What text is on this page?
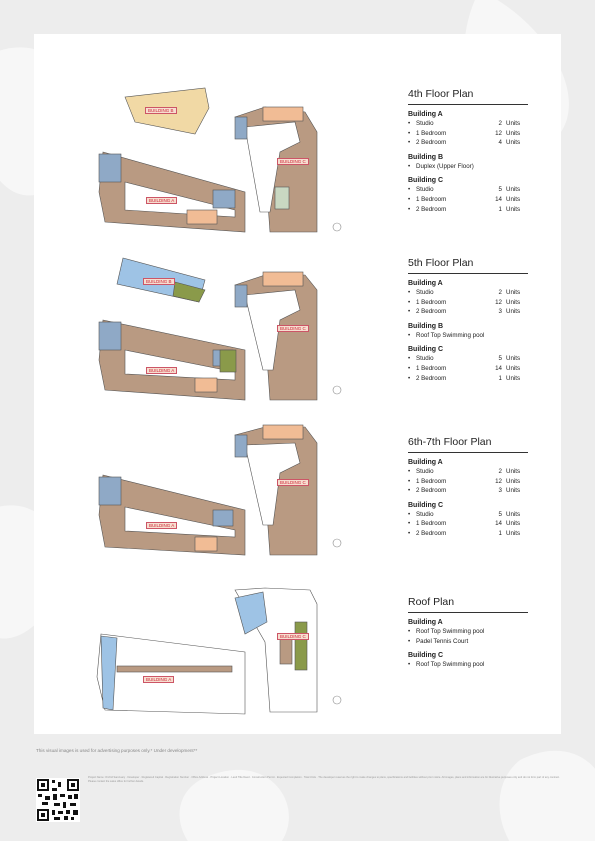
BUILDING B
BUILDING A
BUILDING C
BUILDING B
BUILDING A
BUILDING C
BUILDING A
BUILDING C
BUILDING A
BUILDING C
4th Floor Plan
Building A
• Studio	2 Units
• 1 Bedroom	12 Units
• 2 Bedroom	4 Units
Building B
• Duplex (Upper Floor)
Building C
• Studio	5 Units
• 1 Bedroom	14 Units
• 2 Bedroom	1 Units
5th Floor Plan
Building A
• Studio	2 Units
• 1 Bedroom	12 Units
• 2 Bedroom	3 Units
Building B
• Roof Top Swimming pool
Building C
• Studio	5 Units
• 1 Bedroom	14 Units
• 2 Bedroom	1 Units
6th-7th Floor Plan
Building A
• Studio	2 Units
• 1 Bedroom	12 Units
• 2 Bedroom	3 Units
Building C
• Studio	5 Units
• 1 Bedroom	14 Units
• 2 Bedroom	1 Units
Roof Plan
Building A
• Roof Top Swimming pool
• Padel Tennis Court
Building C
• Roof Top Swimming pool
This visual images is used for advertising purposes only.* Under development**
Project Name: Orchid Sanctuary · Developer · Registered Capital · Registration Number · Office Address · Project Location · Land Title Deed · Construction Permit · Expected Completion · Total Units · The developer reserves the right to make changes to plans, specifications and facilities without prior notice. All images, plans and information are for illustrative purposes only and do not form part of any contract. Please contact the sales office for further details.
